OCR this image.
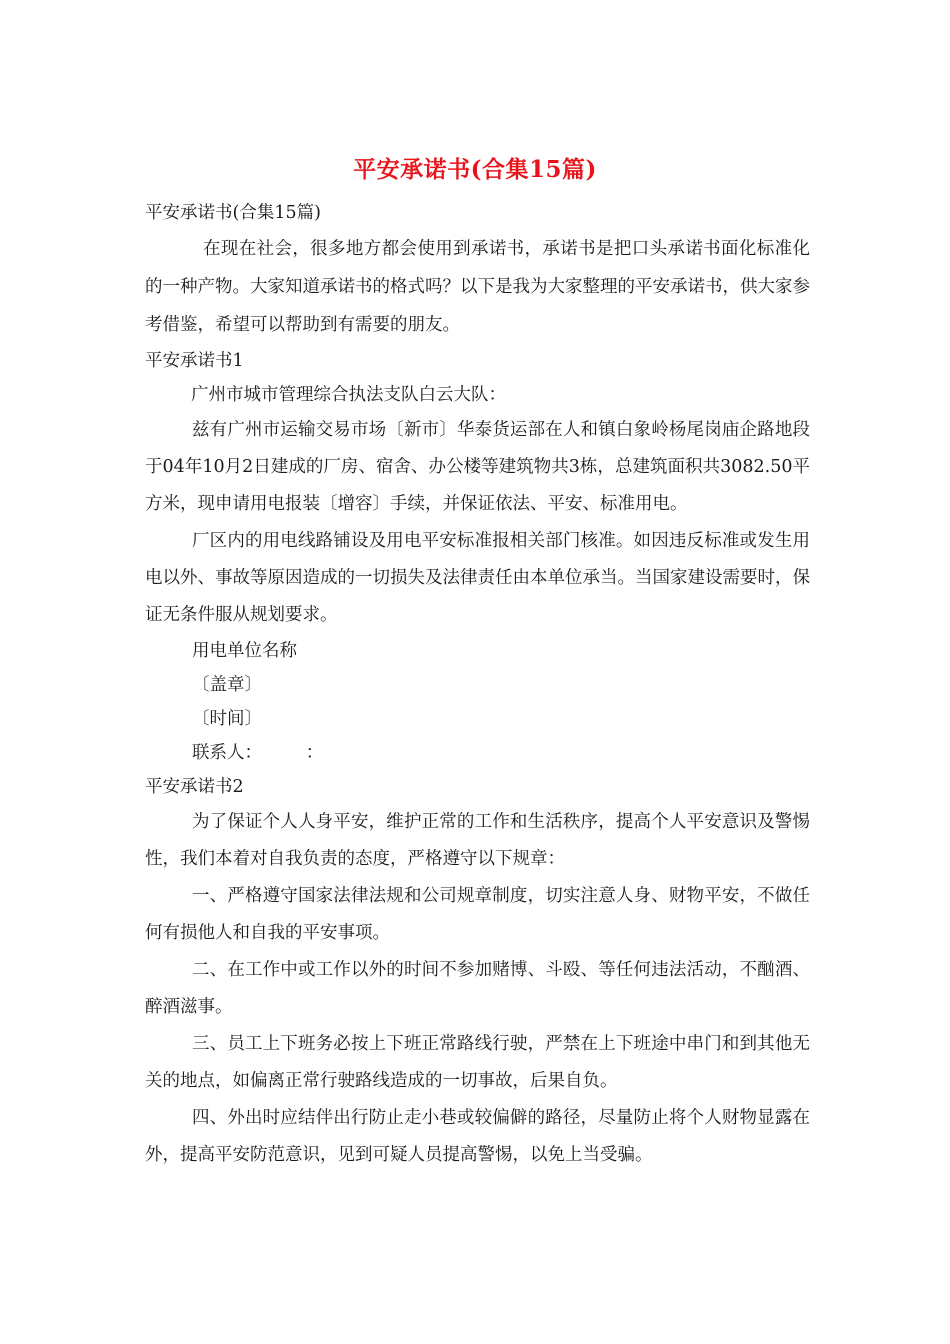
平安承诺书(合集15篇)

平安承诺书(合集15篇)

在现在社会，很多地方都会使用到承诺书，承诺书是把口头承诺书面化标准化的一种产物。大家知道承诺书的格式吗？以下是我为大家整理的平安承诺书，供大家参考借鉴，希望可以帮助到有需要的朋友。

平安承诺书1

广州市城市管理综合执法支队白云大队：

兹有广州市运输交易市场〔新市〕华泰货运部在人和镇白象岭杨尾岗庙企路地段于04年10月2日建成的厂房、宿舍、办公楼等建筑物共3栋，总建筑面积共3082.50平方米，现申请用电报装〔增容〕手续，并保证依法、平安、标准用电。

厂区内的用电线路铺设及用电平安标准报相关部门核准。如因违反标准或发生用电以外、事故等原因造成的一切损失及法律责任由本单位承当。当国家建设需要时，保证无条件服从规划要求。

用电单位名称

〔盖章〕

〔时间〕

联系人：　　　：

平安承诺书2

为了保证个人人身平安，维护正常的工作和生活秩序，提高个人平安意识及警惕性，我们本着对自我负责的态度，严格遵守以下规章：

一、严格遵守国家法律法规和公司规章制度，切实注意人身、财物平安，不做任何有损他人和自我的平安事项。

二、在工作中或工作以外的时间不参加赌博、斗殴、等任何违法活动，不酗酒、醉酒滋事。

三、员工上下班务必按上下班正常路线行驶，严禁在上下班途中串门和到其他无关的地点，如偏离正常行驶路线造成的一切事故，后果自负。

四、外出时应结伴出行防止走小巷或较偏僻的路径，尽量防止将个人财物显露在外，提高平安防范意识，见到可疑人员提高警惕，以免上当受骗。
